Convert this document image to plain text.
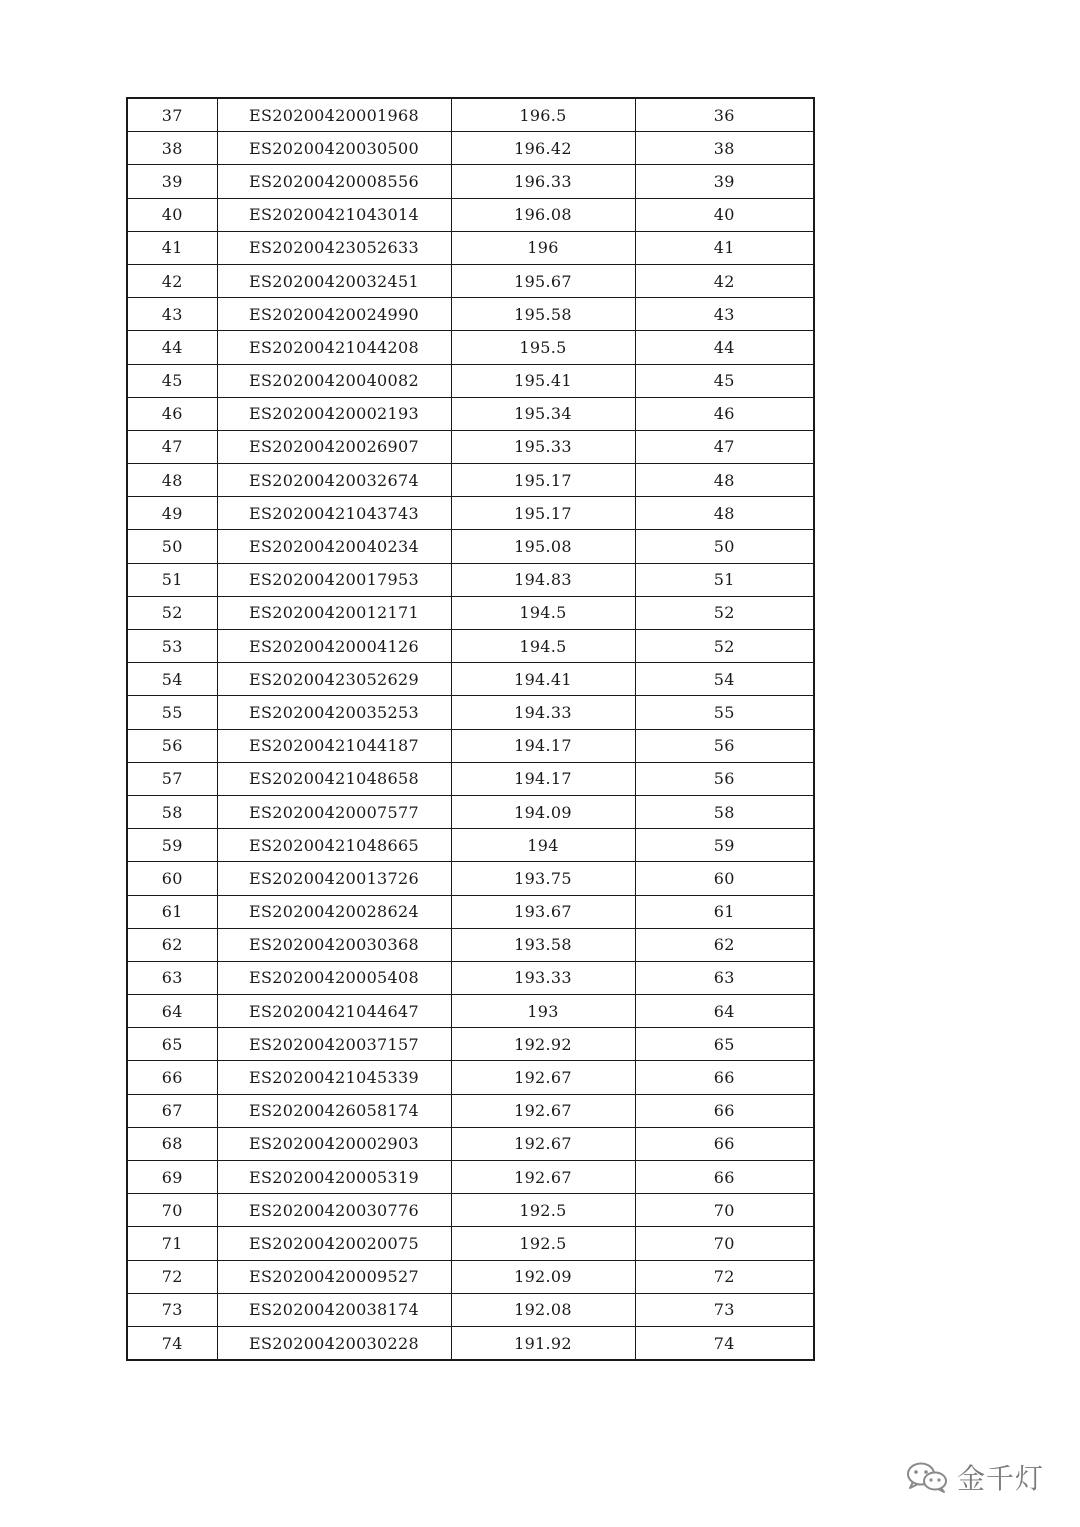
37	ES20200420001968	196.5	36
38	ES20200420030500	196.42	38
39	ES20200420008556	196.33	39
40	ES20200421043014	196.08	40
41	ES20200423052633	196	41
42	ES20200420032451	195.67	42
43	ES20200420024990	195.58	43
44	ES20200421044208	195.5	44
45	ES20200420040082	195.41	45
46	ES20200420002193	195.34	46
47	ES20200420026907	195.33	47
48	ES20200420032674	195.17	48
49	ES20200421043743	195.17	48
50	ES20200420040234	195.08	50
51	ES20200420017953	194.83	51
52	ES20200420012171	194.5	52
53	ES20200420004126	194.5	52
54	ES20200423052629	194.41	54
55	ES20200420035253	194.33	55
56	ES20200421044187	194.17	56
57	ES20200421048658	194.17	56
58	ES20200420007577	194.09	58
59	ES20200421048665	194	59
60	ES20200420013726	193.75	60
61	ES20200420028624	193.67	61
62	ES20200420030368	193.58	62
63	ES20200420005408	193.33	63
64	ES20200421044647	193	64
65	ES20200420037157	192.92	65
66	ES20200421045339	192.67	66
67	ES20200426058174	192.67	66
68	ES20200420002903	192.67	66
69	ES20200420005319	192.67	66
70	ES20200420030776	192.5	70
71	ES20200420020075	192.5	70
72	ES20200420009527	192.09	72
73	ES20200420038174	192.08	73
74	ES20200420030228	191.92	74
金千灯
